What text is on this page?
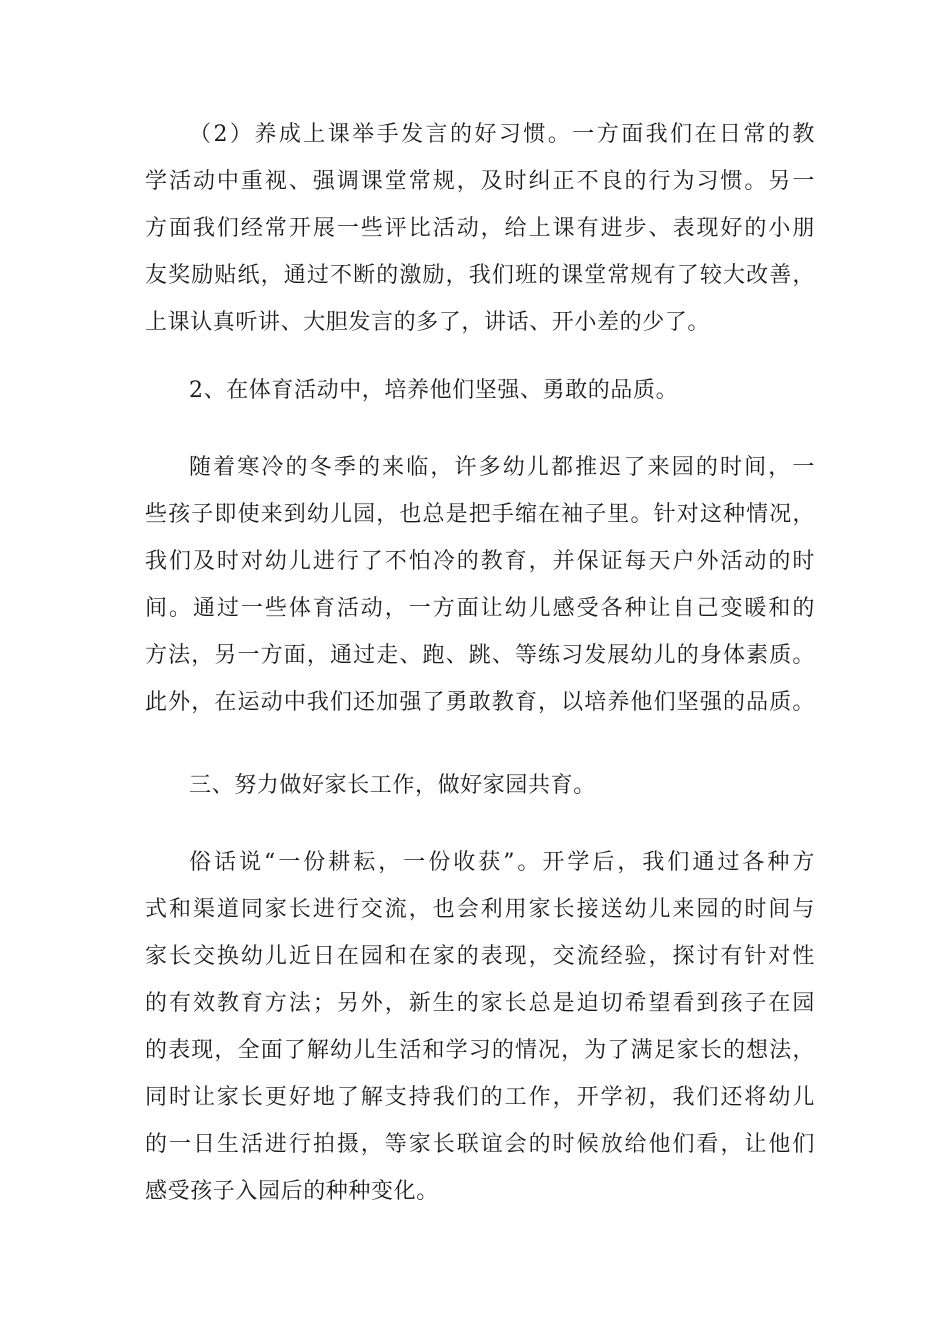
（2）养成上课举手发言的好习惯。一方面我们在日常的教
学活动中重视、强调课堂常规，及时纠正不良的行为习惯。另一
方面我们经常开展一些评比活动，给上课有进步、表现好的小朋
友奖励贴纸，通过不断的激励，我们班的课堂常规有了较大改善，
上课认真听讲、大胆发言的多了，讲话、开小差的少了。
2、在体育活动中，培养他们坚强、勇敢的品质。
随着寒冷的冬季的来临，许多幼儿都推迟了来园的时间，一
些孩子即使来到幼儿园，也总是把手缩在袖子里。针对这种情况，
我们及时对幼儿进行了不怕冷的教育，并保证每天户外活动的时
间。通过一些体育活动，一方面让幼儿感受各种让自己变暖和的
方法，另一方面，通过走、跑、跳、等练习发展幼儿的身体素质。
此外，在运动中我们还加强了勇敢教育，以培养他们坚强的品质。
三、努力做好家长工作，做好家园共育。
俗话说“一份耕耘，一份收获”。开学后，我们通过各种方
式和渠道同家长进行交流，也会利用家长接送幼儿来园的时间与
家长交换幼儿近日在园和在家的表现，交流经验，探讨有针对性
的有效教育方法；另外，新生的家长总是迫切希望看到孩子在园
的表现，全面了解幼儿生活和学习的情况，为了满足家长的想法，
同时让家长更好地了解支持我们的工作，开学初，我们还将幼儿
的一日生活进行拍摄，等家长联谊会的时候放给他们看，让他们
感受孩子入园后的种种变化。
